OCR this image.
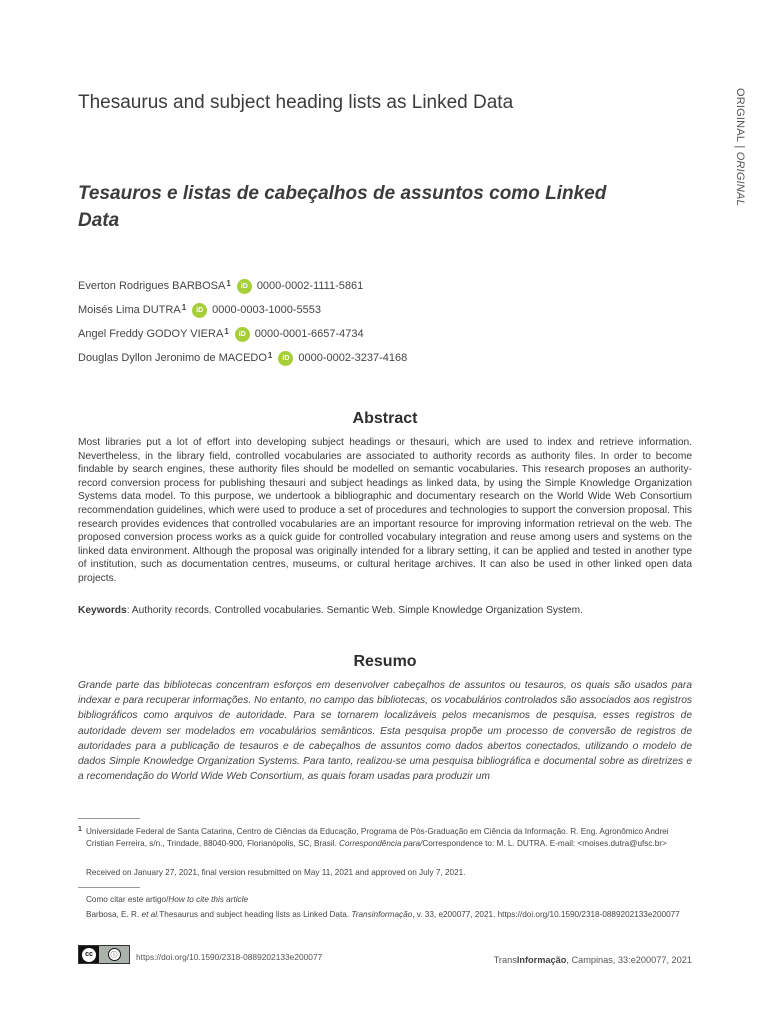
ORIGINAL | ORIGINAL
Thesaurus and subject heading lists as Linked Data
Tesauros e listas de cabeçalhos de assuntos como Linked Data
Everton Rodrigues BARBOSA$^1$	iD 0000-0002-1111-5861
Moisés Lima DUTRA$^1$	iD 0000-0003-1000-5553
Angel Freddy GODOY VIERA$^1$	iD 0000-0001-6657-4734
Douglas Dyllon Jeronimo de MACEDO$^1$	iD 0000-0002-3237-4168
Abstract

Most libraries put a lot of effort into developing subject headings or thesauri, which are used to index and retrieve information. Nevertheless, in the library field, controlled vocabularies are associated to authority records as authority files. In order to become findable by search engines, these authority files should be modelled on semantic vocabularies. This research proposes an authority-record conversion process for publishing thesauri and subject headings as linked data, by using the Simple Knowledge Organization Systems data model. To this purpose, we undertook a bibliographic and documentary research on the World Wide Web Consortium recommendation guidelines, which were used to produce a set of procedures and technologies to support the conversion proposal. This research provides evidences that controlled vocabularies are an important resource for improving information retrieval on the web. The proposed conversion process works as a quick guide for controlled vocabulary integration and reuse among users and systems on the linked data environment. Although the proposal was originally intended for a library setting, it can be applied and tested in another type of institution, such as documentation centres, museums, or cultural heritage archives. It can also be used in other linked open data projects.

Keywords: Authority records. Controlled vocabularies. Semantic Web. Simple Knowledge Organization System.

Resumo

Grande parte das bibliotecas concentram esforços em desenvolver cabeçalhos de assuntos ou tesauros, os quais são usados para indexar e para recuperar informações. No entanto, no campo das bibliotecas, os vocabulários controlados são associados aos registros bibliográficos como arquivos de autoridade. Para se tornarem localizáveis pelos mecanismos de pesquisa, esses registros de autoridade devem ser modelados em vocabulários semânticos. Esta pesquisa propõe um processo de conversão de registros de autoridades para a publicação de tesauros e de cabeçalhos de assuntos como dados abertos conectados, utilizando o modelo de dados Simple Knowledge Organization Systems. Para tanto, realizou-se uma pesquisa bibliográfica e documental sobre as diretrizes e a recomendação do World Wide Web Consortium, as quais foram usadas para produzir um

1 Universidade Federal de Santa Catarina, Centro de Ciências da Educação, Programa de Pós-Graduação em Ciência da Informação. R. Eng. Agronômico Andrei Cristian Ferreira, s/n., Trindade, 88040-900, Florianópolis, SC, Brasil. Correspondência para/Correspondence to: M. L. DUTRA. E-mail: <moises.dutra@ufsc.br>

Received on January 27, 2021, final version resubmitted on May 11, 2021 and approved on July 7, 2021.

Como citar este artigo/How to cite this article

Barbosa, E. R. et al.Thesaurus and subject heading lists as Linked Data. Transinformação, v. 33, e200077, 2021. https://doi.org/10.1590/2318-0889202133e200077

cc	ⓘ	https://doi.org/10.1590/2318-0889202133e200077	TransInformação, Campinas, 33:e200077, 2021
